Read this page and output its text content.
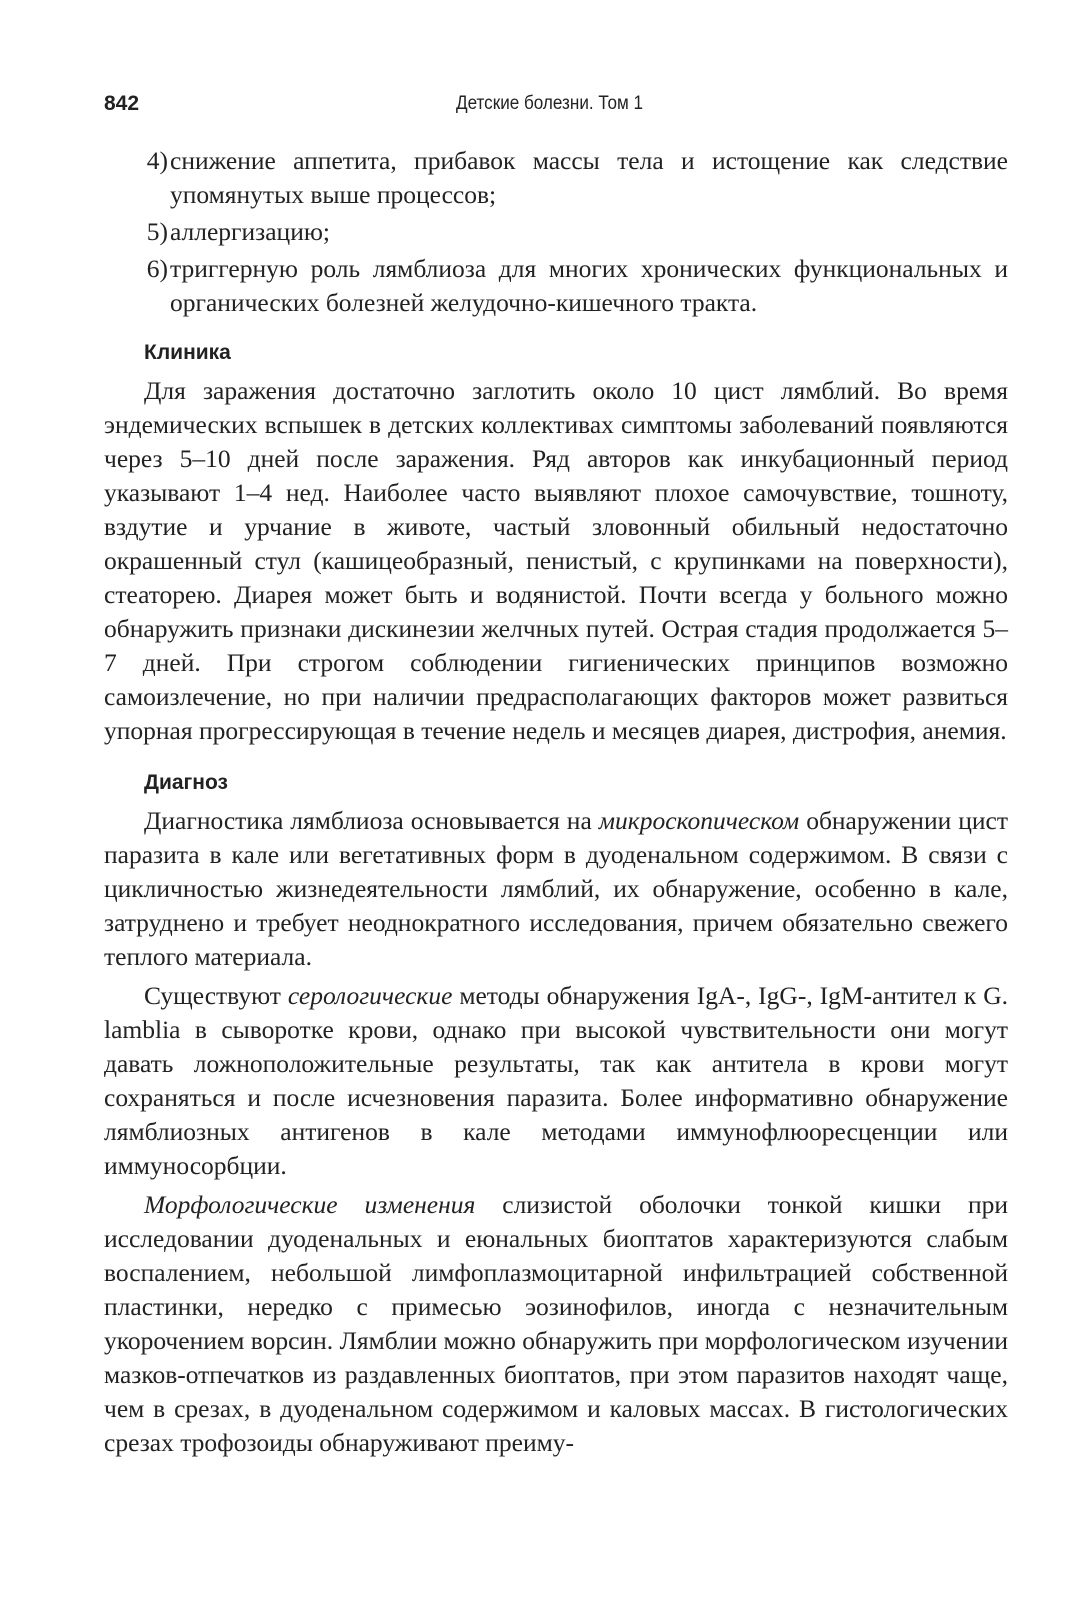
842	Детские болезни. Том 1
4) снижение аппетита, прибавок массы тела и истощение как следствие упомянутых выше процессов;
5) аллергизацию;
6) триггерную роль лямблиоза для многих хронических функциональных и органических болезней желудочно-кишечного тракта.
Клиника

Для заражения достаточно заглотить около 10 цист лямблий. Во время эндемических вспышек в детских коллективах симптомы заболеваний появляются через 5–10 дней после заражения. Ряд авторов как инкубационный период указывают 1–4 нед. Наиболее часто выявляют плохое самочувствие, тошноту, вздутие и урчание в животе, частый зловонный обильный недостаточно окрашенный стул (кашицеобразный, пенистый, с крупинками на поверхности), стеаторею. Диарея может быть и водянистой. Почти всегда у больного можно обнаружить признаки дискинезии желчных путей. Острая стадия продолжается 5–7 дней. При строгом соблюдении гигиенических принципов возможно самоизлечение, но при наличии предрасполагающих факторов может развиться упорная прогрессирующая в течение недель и месяцев диарея, дистрофия, анемия.

Диагноз

Диагностика лямблиоза основывается на микроскопическом обнаружении цист паразита в кале или вегетативных форм в дуоденальном содержимом. В связи с цикличностью жизнедеятельности лямблий, их обнаружение, особенно в кале, затруднено и требует неоднократного исследования, причем обязательно свежего теплого материала.

Существуют серологические методы обнаружения IgA-, IgG-, IgM-антител к G. lamblia в сыворотке крови, однако при высокой чувствительности они могут давать ложноположительные результаты, так как антитела в крови могут сохраняться и после исчезновения паразита. Более информативно обнаружение лямблиозных антигенов в кале методами иммунофлюоресценции или иммуносорбции.

Морфологические изменения слизистой оболочки тонкой кишки при исследовании дуоденальных и еюнальных биоптатов характеризуются слабым воспалением, небольшой лимфоплазмоцитарной инфильтрацией собственной пластинки, нередко с примесью эозинофилов, иногда с незначительным укорочением ворсин. Лямблии можно обнаружить при морфологическом изучении мазков-отпечатков из раздавленных биоптатов, при этом паразитов находят чаще, чем в срезах, в дуоденальном содержимом и каловых массах. В гистологических срезах трофозоиды обнаруживают преиму-
